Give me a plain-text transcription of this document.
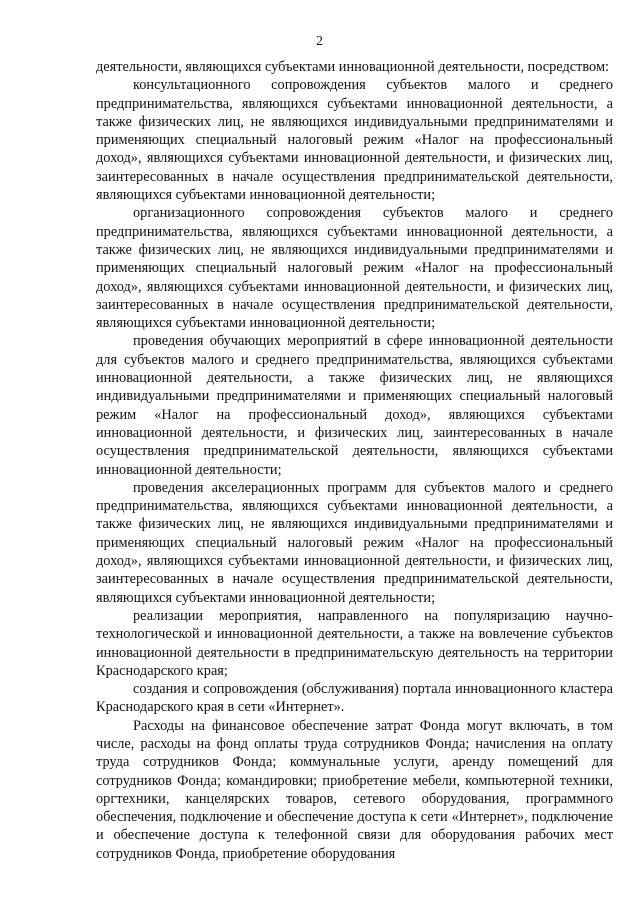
2

деятельности, являющихся субъектами инновационной деятельности, посредством:

консультационного сопровождения субъектов малого и среднего предпринимательства, являющихся субъектами инновационной деятельности, а также физических лиц, не являющихся индивидуальными предпринимателями и применяющих специальный налоговый режим «Налог на профессиональный доход», являющихся субъектами инновационной деятельности, и физических лиц, заинтересованных в начале осуществления предпринимательской деятельности, являющихся субъектами инновационной деятельности;

организационного сопровождения субъектов малого и среднего предпринимательства, являющихся субъектами инновационной деятельности, а также физических лиц, не являющихся индивидуальными предпринимателями и применяющих специальный налоговый режим «Налог на профессиональный доход», являющихся субъектами инновационной деятельности, и физических лиц, заинтересованных в начале осуществления предпринимательской деятельности, являющихся субъектами инновационной деятельности;

проведения обучающих мероприятий в сфере инновационной деятельности для субъектов малого и среднего предпринимательства, являющихся субъектами инновационной деятельности, а также физических лиц, не являющихся индивидуальными предпринимателями и применяющих специальный налоговый режим «Налог на профессиональный доход», являющихся субъектами инновационной деятельности, и физических лиц, заинтересованных в начале осуществления предпринимательской деятельности, являющихся субъектами инновационной деятельности;

проведения акселерационных программ для субъектов малого и среднего предпринимательства, являющихся субъектами инновационной деятельности, а также физических лиц, не являющихся индивидуальными предпринимателями и применяющих специальный налоговый режим «Налог на профессиональный доход», являющихся субъектами инновационной деятельности, и физических лиц, заинтересованных в начале осуществления предпринимательской деятельности, являющихся субъектами инновационной деятельности;

реализации мероприятия, направленного на популяризацию научно-технологической и инновационной деятельности, а также на вовлечение субъектов инновационной деятельности в предпринимательскую деятельность на территории Краснодарского края;

создания и сопровождения (обслуживания) портала инновационного кластера Краснодарского края в сети «Интернет».

Расходы на финансовое обеспечение затрат Фонда могут включать, в том числе, расходы на фонд оплаты труда сотрудников Фонда; начисления на оплату труда сотрудников Фонда; коммунальные услуги, аренду помещений для сотрудников Фонда; командировки; приобретение мебели, компьютерной техники, оргтехники, канцелярских товаров, сетевого оборудования, программного обеспечения, подключение и обеспечение доступа к сети «Интернет», подключение и обеспечение доступа к телефонной связи для оборудования рабочих мест сотрудников Фонда, приобретение оборудования
